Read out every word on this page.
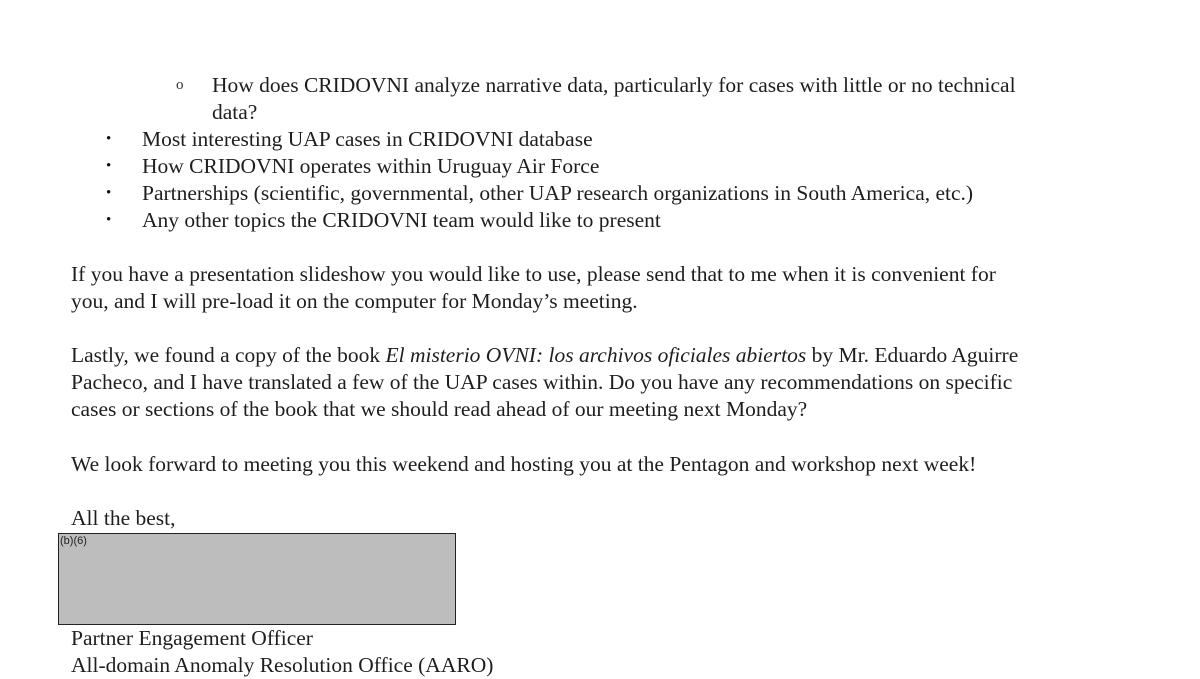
o How does CRIDOVNI analyze narrative data, particularly for cases with little or no technical
data?
• Most interesting UAP cases in CRIDOVNI database
• How CRIDOVNI operates within Uruguay Air Force
• Partnerships (scientific, governmental, other UAP research organizations in South America, etc.)
• Any other topics the CRIDOVNI team would like to present
If you have a presentation slideshow you would like to use, please send that to me when it is convenient for
you, and I will pre-load it on the computer for Monday’s meeting.
Lastly, we found a copy of the book El misterio OVNI: los archivos oficiales abiertos by Mr. Eduardo Aguirre
Pacheco, and I have translated a few of the UAP cases within. Do you have any recommendations on specific
cases or sections of the book that we should read ahead of our meeting next Monday?
We look forward to meeting you this weekend and hosting you at the Pentagon and workshop next week!
All the best,
(b)(6)
Partner Engagement Officer
All-domain Anomaly Resolution Office (AARO)
